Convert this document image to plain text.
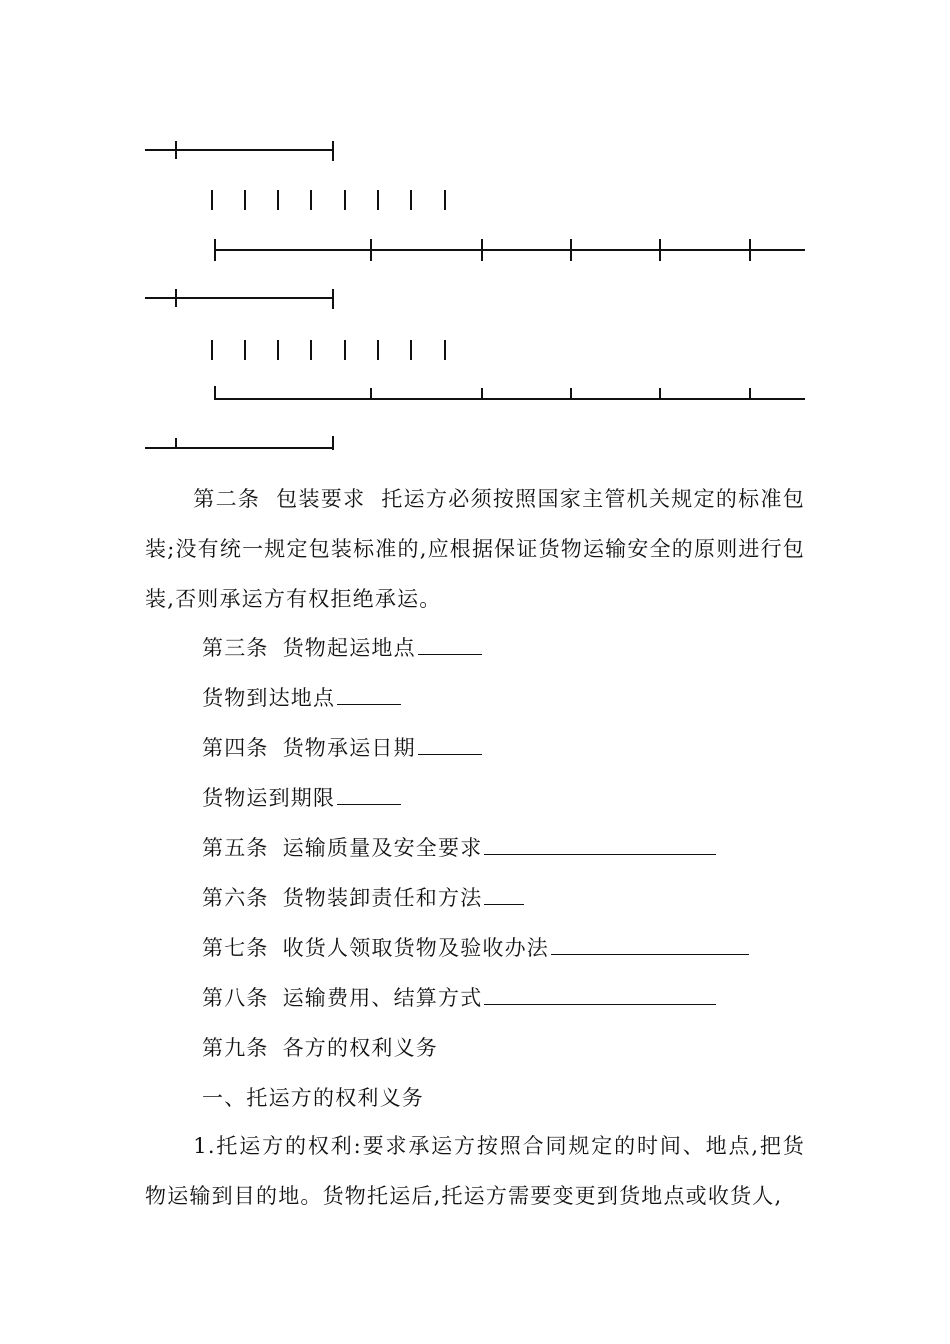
第二条 包装要求 托运方必须按照国家主管机关规定的标准包装;没有统一规定包装标准的,应根据保证货物运输安全的原则进行包装,否则承运方有权拒绝承运。

第三条 货物起运地点
货物到达地点
第四条 货物承运日期
货物运到期限
第五条 运输质量及安全要求
第六条 货物装卸责任和方法
第七条 收货人领取货物及验收办法
第八条 运输费用、结算方式
第九条 各方的权利义务
一、托运方的权利义务

1.托运方的权利:要求承运方按照合同规定的时间、地点,把货物运输到目的地。货物托运后,托运方需要变更到货地点或收货人,
